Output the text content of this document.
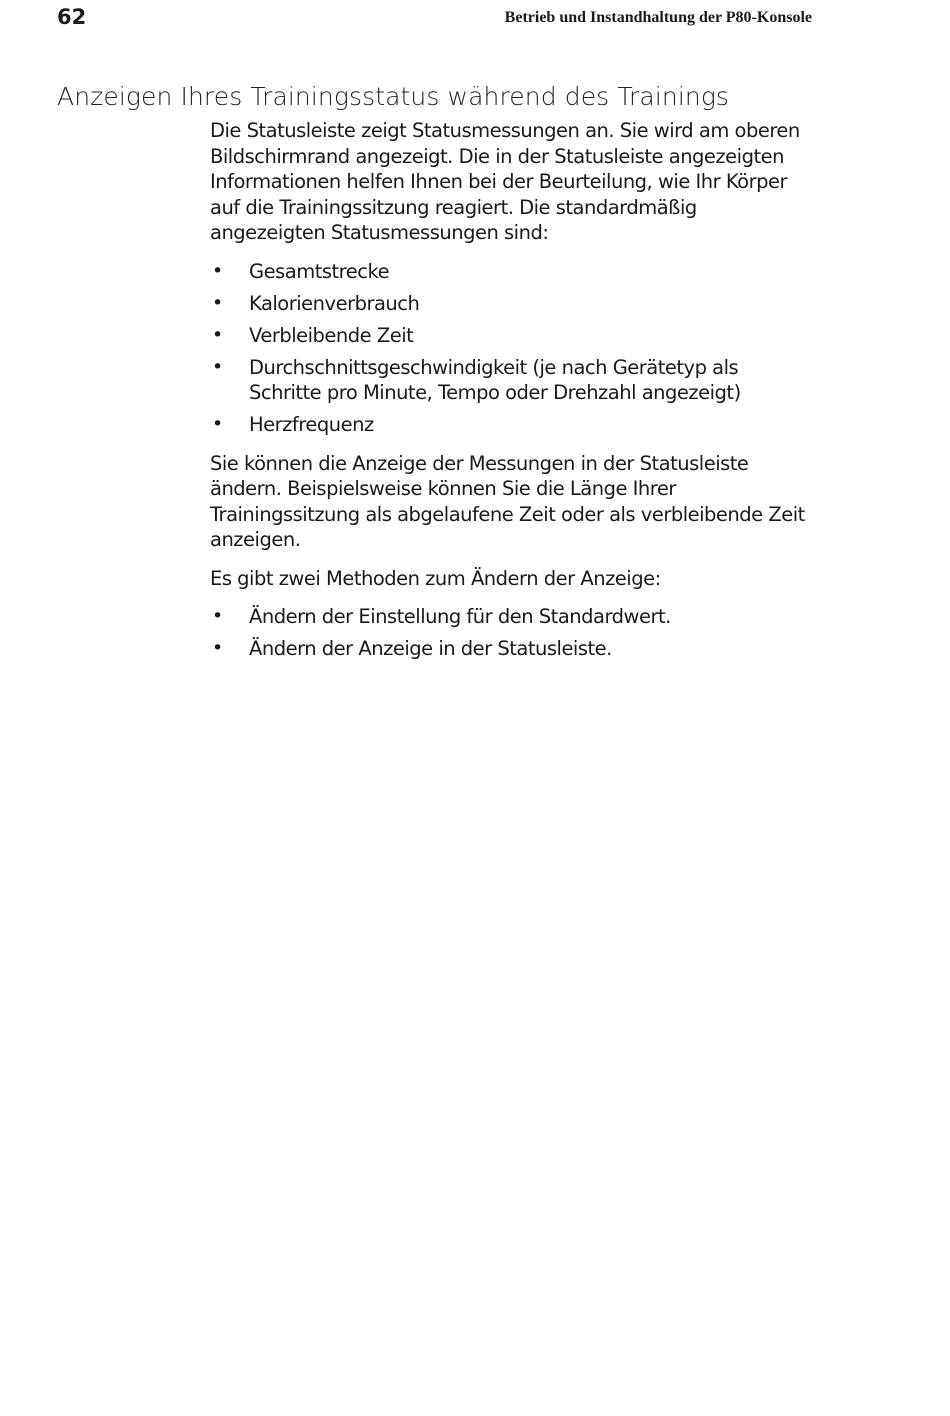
62	Betrieb und Instandhaltung der P80-Konsole
Anzeigen Ihres Trainingsstatus während des Trainings

Die Statusleiste zeigt Statusmessungen an. Sie wird am oberen Bildschirmrand angezeigt. Die in der Statusleiste angezeigten Informationen helfen Ihnen bei der Beurteilung, wie Ihr Körper auf die Trainingssitzung reagiert. Die standardmäßig angezeigten Statusmessungen sind:

• Gesamtstrecke
• Kalorienverbrauch
• Verbleibende Zeit
• Durchschnittsgeschwindigkeit (je nach Gerätetyp als Schritte pro Minute, Tempo oder Drehzahl angezeigt)
• Herzfrequenz

Sie können die Anzeige der Messungen in der Statusleiste ändern. Beispielsweise können Sie die Länge Ihrer Trainingssitzung als abgelaufene Zeit oder als verbleibende Zeit anzeigen.

Es gibt zwei Methoden zum Ändern der Anzeige:

• Ändern der Einstellung für den Standardwert.
• Ändern der Anzeige in der Statusleiste.
